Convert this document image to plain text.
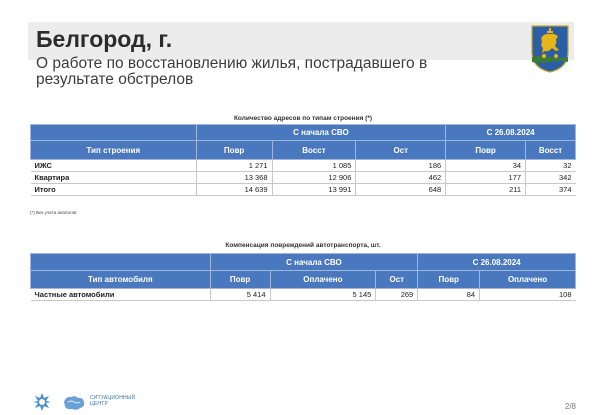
Белгород, г.
О работе по восстановлению жилья, пострадавшего в результате обстрелов
Количество адресов по типам строения (*)
	С начала СВО			С 26.08.2024	
Тип строения	Повр	Восст	Ост	Повр	Восст
ИЖС	1 271	1 085	186	34	32
Квартира	13 368	12 906	462	177	342
Итого	14 639	13 991	648	211	374
(*) Без учета аналогов
Компенсация повреждений автотранспорта, шт.
	С начала СВО			С 26.08.2024	
Тип автомобиля	Повр	Оплачено	Ост	Повр	Оплачено
Частные автомобили	5 414	5 145	269	84	108
СИТУАЦИОННЫЙ
ЦЕНТР	2/8
